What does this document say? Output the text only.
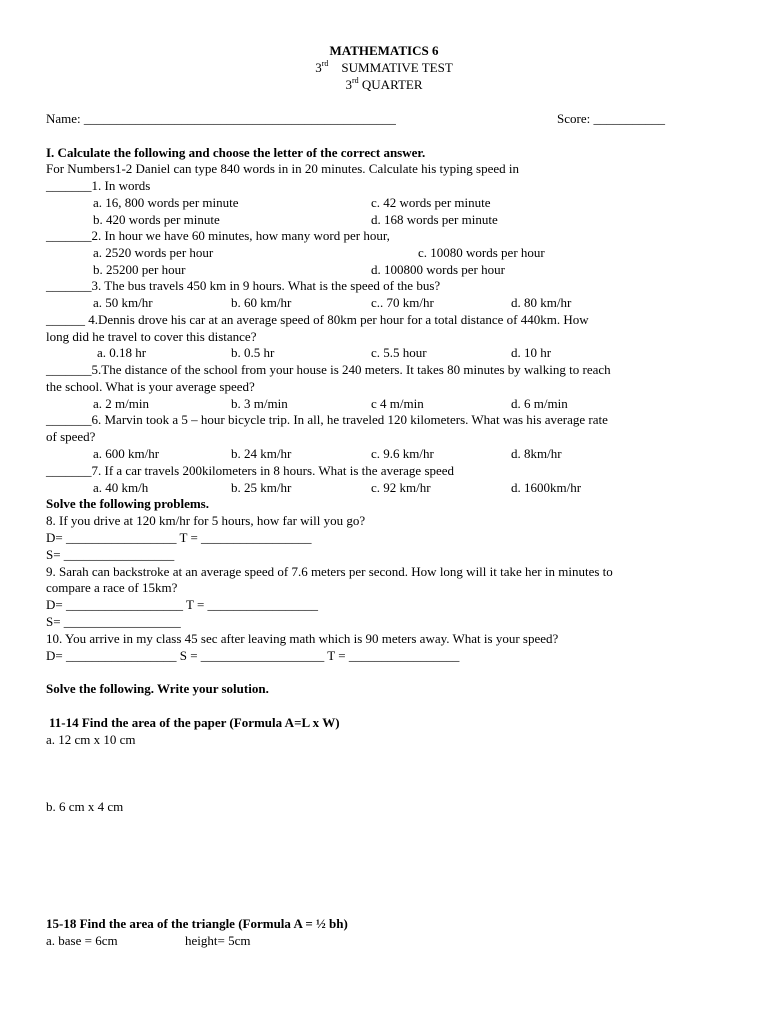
MATHEMATICS 6
3rd SUMMATIVE TEST
3rd QUARTER
Name: ________________________________________________	Score: ___________
I. Calculate the following and choose the letter of the correct answer.
For Numbers1-2 Daniel can type 840 words in in 20 minutes. Calculate his typing speed in
_______1. In words
a. 16, 800 words per minute	c. 42 words per minute
b. 420 words per minute	d. 168 words per minute
_______2. In hour we have 60 minutes, how many word per hour,
a. 2520 words per hour	c. 10080 words per hour
b. 25200 per hour	d. 100800 words per hour
_______3. The bus travels 450 km in 9 hours. What is the speed of the bus?
a. 50 km/hr	b. 60 km/hr	c.. 70 km/hr	d. 80 km/hr
______ 4.Dennis drove his car at an average speed of 80km per hour for a total distance of 440km. How
long did he travel to cover this distance?
a. 0.18 hr	b. 0.5 hr	c. 5.5 hour	d. 10 hr
_______5.The distance of the school from your house is 240 meters. It takes 80 minutes by walking to reach
the school. What is your average speed?
a. 2 m/min	b. 3 m/min	c 4 m/min	d. 6 m/min
_______6. Marvin took a 5 – hour bicycle trip. In all, he traveled 120 kilometers. What was his average rate
of speed?
a. 600 km/hr	b. 24 km/hr	c. 9.6 km/hr	d. 8km/hr
_______7. If a car travels 200kilometers in 8 hours. What is the average speed
a. 40 km/h	b. 25 km/hr	c. 92 km/hr	d. 1600km/hr
Solve the following problems.
8. If you drive at 120 km/hr for 5 hours, how far will you go?
D= _________________ T = _________________
S= _________________
9. Sarah can backstroke at an average speed of 7.6 meters per second. How long will it take her in minutes to
compare a race of 15km?
D= __________________ T = _________________
S= __________________
10. You arrive in my class 45 sec after leaving math which is 90 meters away. What is your speed?
D= _________________ S = ___________________ T = _________________
Solve the following. Write your solution.
11-14 Find the area of the paper (Formula A=L x W)
a. 12 cm x 10 cm
b. 6 cm x 4 cm
15-18 Find the area of the triangle (Formula A = ½ bh)
a. base = 6cm	height= 5cm
